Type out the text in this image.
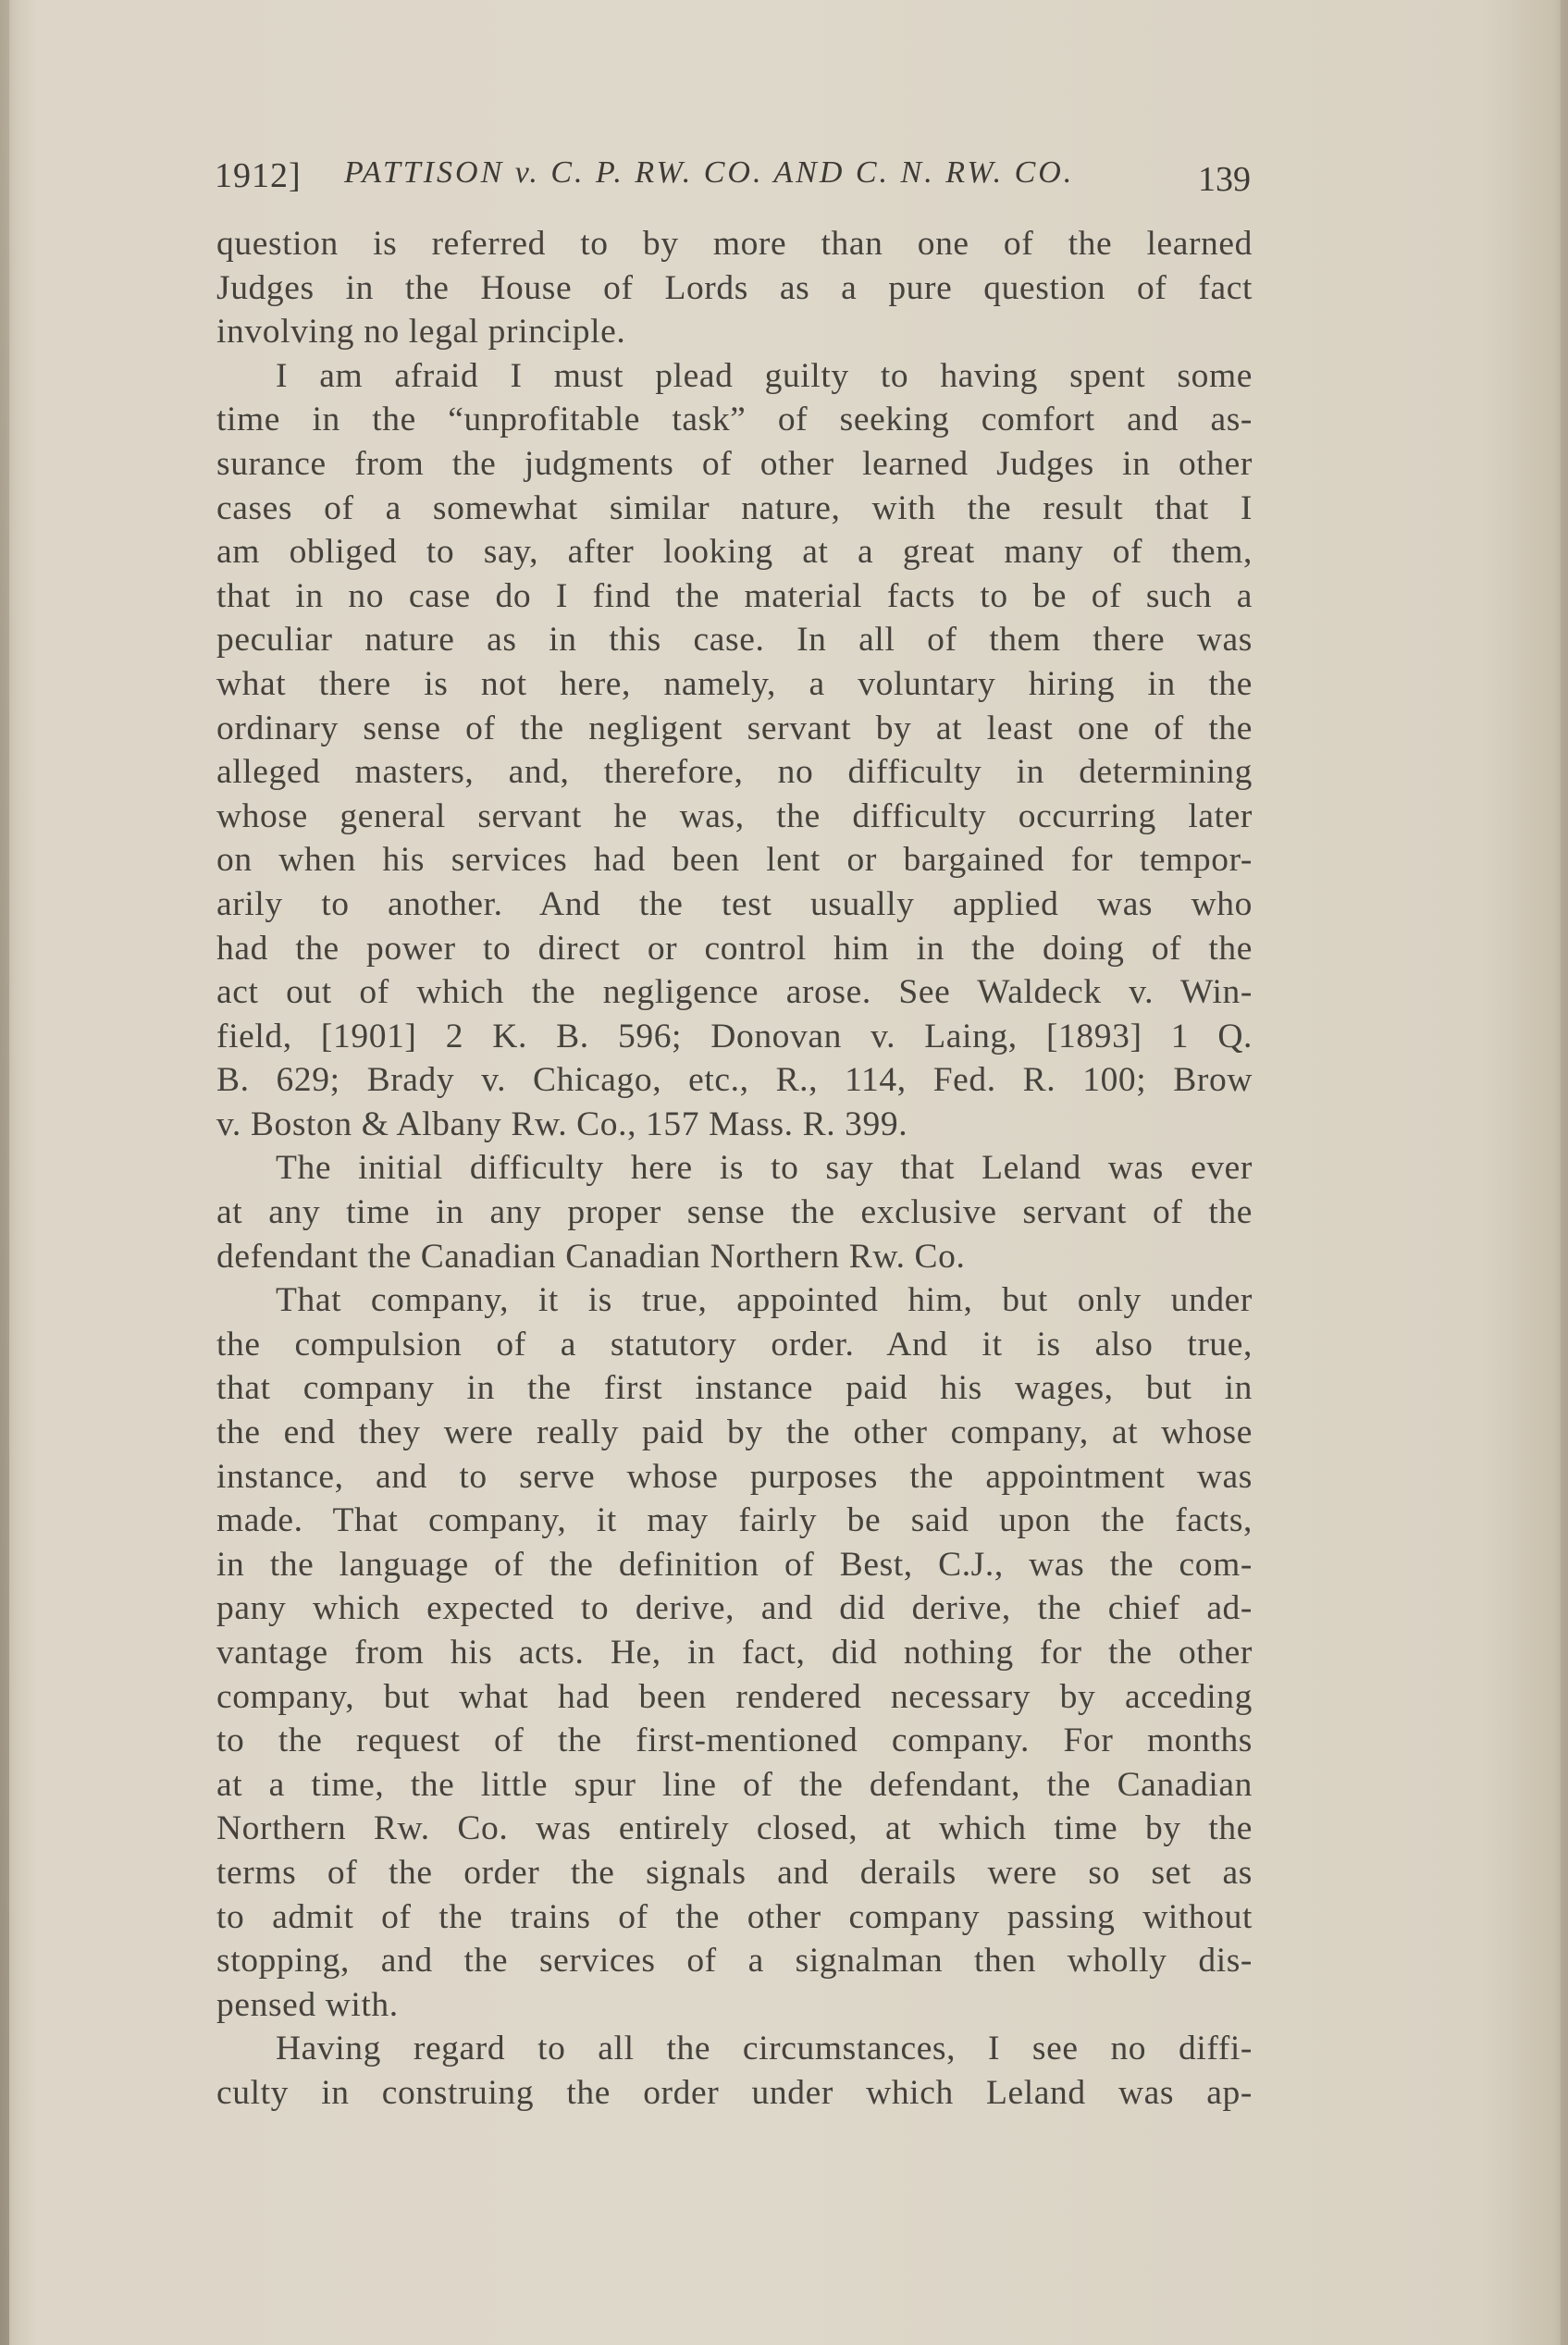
1912] PATTISON v. C. P. RW. CO. AND C. N. RW. CO.	139
question is referred to by more than one of the learned
Judges in the House of Lords as a pure question of fact
involving no legal principle.
I am afraid I must plead guilty to having spent some
time in the “unprofitable task” of seeking comfort and as-
surance from the judgments of other learned Judges in other
cases of a somewhat similar nature, with the result that I
am obliged to say, after looking at a great many of them,
that in no case do I find the material facts to be of such a
peculiar nature as in this case. In all of them there was
what there is not here, namely, a voluntary hiring in the
ordinary sense of the negligent servant by at least one of the
alleged masters, and, therefore, no difficulty in determining
whose general servant he was, the difficulty occurring later
on when his services had been lent or bargained for tempor-
arily to another. And the test usually applied was who
had the power to direct or control him in the doing of the
act out of which the negligence arose. See Waldeck v. Win-
field, [1901] 2 K. B. 596; Donovan v. Laing, [1893] 1 Q.
B. 629; Brady v. Chicago, etc., R., 114, Fed. R. 100; Brow
v. Boston & Albany Rw. Co., 157 Mass. R. 399.
The initial difficulty here is to say that Leland was ever
at any time in any proper sense the exclusive servant of the
defendant the Canadian Canadian Northern Rw. Co.
That company, it is true, appointed him, but only under
the compulsion of a statutory order. And it is also true,
that company in the first instance paid his wages, but in
the end they were really paid by the other company, at whose
instance, and to serve whose purposes the appointment was
made. That company, it may fairly be said upon the facts,
in the language of the definition of Best, C.J., was the com-
pany which expected to derive, and did derive, the chief ad-
vantage from his acts. He, in fact, did nothing for the other
company, but what had been rendered necessary by acceding
to the request of the first-mentioned company. For months
at a time, the little spur line of the defendant, the Canadian
Northern Rw. Co. was entirely closed, at which time by the
terms of the order the signals and derails were so set as
to admit of the trains of the other company passing without
stopping, and the services of a signalman then wholly dis-
pensed with.
Having regard to all the circumstances, I see no diffi-
culty in construing the order under which Leland was ap-
